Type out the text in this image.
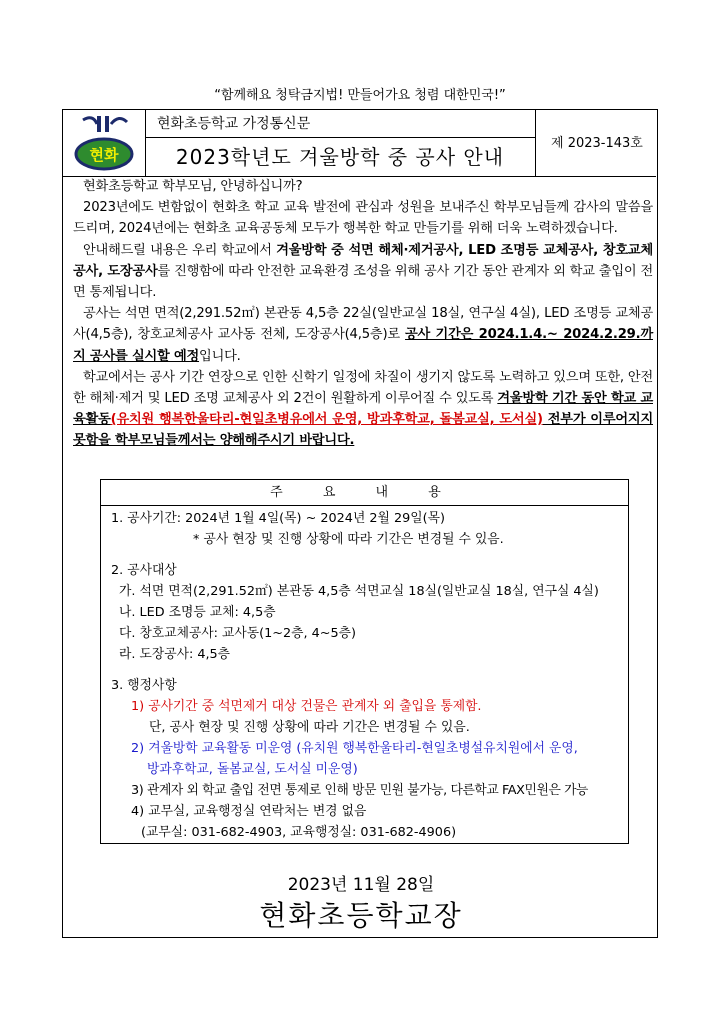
“함께해요 청탁금지법! 만들어가요 청렴 대한민국!”
현화
현화초등학교 가정통신문
2023학년도 겨울방학 중 공사 안내
제 2023-143호

현화초등학교 학부모님, 안녕하십니까?

2023년에도 변함없이 현화초 학교 교육 발전에 관심과 성원을 보내주신 학부모님들께 감사의 말씀을 드리며, 2024년에는 현화초 교육공동체 모두가 행복한 학교 만들기를 위해 더욱 노력하겠습니다.

안내해드릴 내용은 우리 학교에서 겨울방학 중 석면 해체·제거공사, LED 조명등 교체공사, 창호교체공사, 도장공사를 진행함에 따라 안전한 교육환경 조성을 위해 공사 기간 동안 관계자 외 학교 출입이 전면 통제됩니다.

공사는 석면 면적(2,291.52㎡) 본관동 4,5층 22실(일반교실 18실, 연구실 4실), LED 조명등 교체공사(4,5층), 창호교체공사 교사동 전체, 도장공사(4,5층)로 공사 기간은 2024.1.4.~ 2024.2.29.까지 공사를 실시할 예정입니다.

학교에서는 공사 기간 연장으로 인한 신학기 일정에 차질이 생기지 않도록 노력하고 있으며 또한, 안전한 해체·제거 및 LED 조명 교체공사 외 2건이 원활하게 이루어질 수 있도록 겨울방학 기간 동안 학교 교육활동(유치원 행복한울타리-현일초병유에서 운영, 방과후학교, 돌봄교실, 도서실) 전부가 이루어지지 못함을 학부모님들께서는 양해해주시기 바랍니다.

주 요 내 용
1. 공사기간: 2024년 1월 4일(목) ~ 2024년 2월 29일(목)
* 공사 현장 및 진행 상황에 따라 기간은 변경될 수 있음.
2. 공사대상
가. 석면 면적(2,291.52㎡) 본관동 4,5층 석면교실 18실(일반교실 18실, 연구실 4실)
나. LED 조명등 교체: 4,5층
다. 창호교체공사: 교사동(1~2층, 4~5층)
라. 도장공사: 4,5층
3. 행정사항
1) 공사기간 중 석면제거 대상 건물은 관계자 외 출입을 통제함.
단, 공사 현장 및 진행 상황에 따라 기간은 변경될 수 있음.
2) 겨울방학 교육활동 미운영 (유치원 행복한울타리-현일초병설유치원에서 운영,
방과후학교, 돌봄교실, 도서실 미운영)
3) 관계자 외 학교 출입 전면 통제로 인해 방문 민원 불가능, 다른학교 FAX민원은 가능
4) 교무실, 교육행정실 연락처는 변경 없음
(교무실: 031-682-4903, 교육행정실: 031-682-4906)
2023년 11월 28일
현화초등학교장
